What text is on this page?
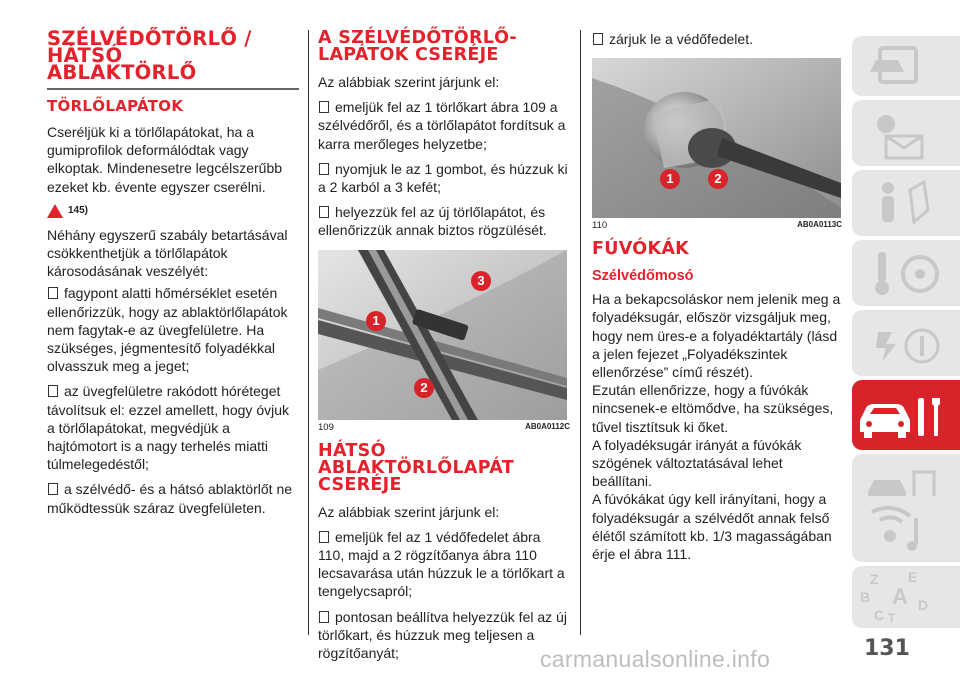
SZÉLVÉDŐTÖRLŐ /
HÁTSÓ
ABLAKTÖRLŐ
TÖRLŐLAPÁTOK

Cseréljük ki a törlőlapátokat, ha a gumiprofilok deformálódtak vagy elkoptak. Mindenesetre legcélszerűbb ezeket kb. évente egyszer cserélni.

145)

Néhány egyszerű szabály betartásával csökkenthetjük a törlőlapátok károsodásának veszélyét:

fagypont alatti hőmérséklet esetén ellenőrizzük, hogy az ablaktörlőlapátok nem fagytak-e az üvegfelületre. Ha szükséges, jégmentesítő folyadékkal olvasszuk meg a jeget;
az üvegfelületre rakódott hóréteget távolítsuk el: ezzel amellett, hogy óvjuk a törlőlapátokat, megvédjük a hajtómotort is a nagy terhelés miatti túlmelegedéstől;
a szélvédő- és a hátsó ablaktörlőt ne működtessük száraz üvegfelületen.
A SZÉLVÉDŐTÖRLŐ-
LAPÁTOK CSERÉJE

Az alábbiak szerint járjunk el:

emeljük fel az 1 törlőkart ábra 109 a szélvédőről, és a törlőlapátot fordítsuk a karra merőleges helyzetbe;
nyomjuk le az 1 gombot, és húzzuk ki a 2 karból a 3 kefét;
helyezzük fel az új törlőlapátot, és ellenőrizzük annak biztos rögzülését.
1
2
3
109	AB0A0112C
HÁTSÓ
ABLAKTÖRLŐLAPÁT
CSERÉJE

Az alábbiak szerint járjunk el:

emeljük fel az 1 védőfedelet ábra 110, majd a 2 rögzítőanya ábra 110 lecsavarása után húzzuk le a törlőkart a tengelycsapról;
pontosan beállítva helyezzük fel az új törlőkart, és húzzuk meg teljesen a rögzítőanyát;
zárjuk le a védőfedelet.
1	2
110	AB0A0113C
FÚVÓKÁK
Szélvédőmosó

Ha a bekapcsoláskor nem jelenik meg a folyadéksugár, először vizsgáljuk meg, hogy nem üres-e a folyadéktartály (lásd a jelen fejezet „Folyadékszintek ellenőrzése” című részét).

Ezután ellenőrizze, hogy a fúvókák nincsenek-e eltömődve, ha szükséges, tűvel tisztítsuk ki őket.

A folyadéksugár irányát a fúvókák szögének változtatásával lehet beállítani.

A fúvókákat úgy kell irányítani, hogy a folyadéksugár a szélvédőt annak felső élétől számított kb. 1/3 magasságában érje el ábra 111.

Z E
B A
C T
D
131
carmanualsonline.info
